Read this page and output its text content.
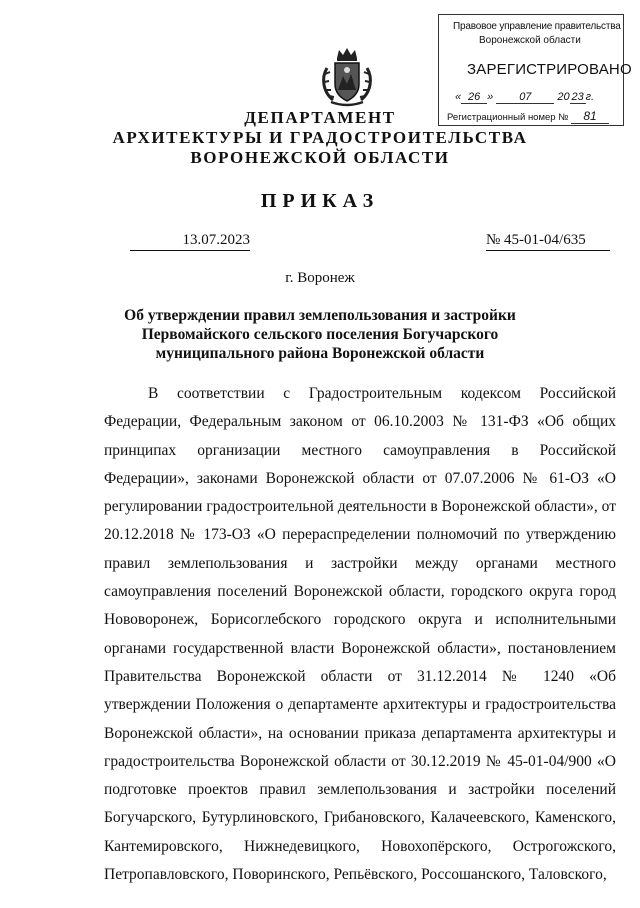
Правовое управление правительства
Воронежской области
ЗАРЕГИСТРИРОВАНО
« 26 » 07 20 23 г.
Регистрационный номер № 81
ДЕПАРТАМЕНТ
АРХИТЕКТУРЫ И ГРАДОСТРОИТЕЛЬСТВА
ВОРОНЕЖСКОЙ ОБЛАСТИ
ПРИКАЗ
13.07.2023	№ 45-01-04/635
г. Воронеж
Об утверждении правил землепользования и застройки Первомайского сельского поселения Богучарского муниципального района Воронежской области

В соответствии с Градостроительным кодексом Российской Федерации, Федеральным законом от 06.10.2003 № 131-ФЗ «Об общих принципах организации местного самоуправления в Российской Федерации», законами Воронежской области от 07.07.2006 № 61-ОЗ «О регулировании градостроительной деятельности в Воронежской области», от 20.12.2018 № 173-ОЗ «О перераспределении полномочий по утверждению правил землепользования и застройки между органами местного самоуправления поселений Воронежской области, городского округа город Нововоронеж, Борисоглебского городского округа и исполнительными органами государственной власти Воронежской области», постановлением Правительства Воронежской области от 31.12.2014 № 1240 «Об утверждении Положения о департаменте архитектуры и градостроительства Воронежской области», на основании приказа департамента архитектуры и градостроительства Воронежской области от 30.12.2019 № 45-01-04/900 «О подготовке проектов правил землепользования и застройки поселений Богучарского, Бутурлиновского, Грибановского, Калачеевского, Каменского, Кантемировского, Нижнедевицкого, Новохопёрского, Острогожского, Петропавловского, Поворинского, Репьёвского, Россошанского, Таловского,
